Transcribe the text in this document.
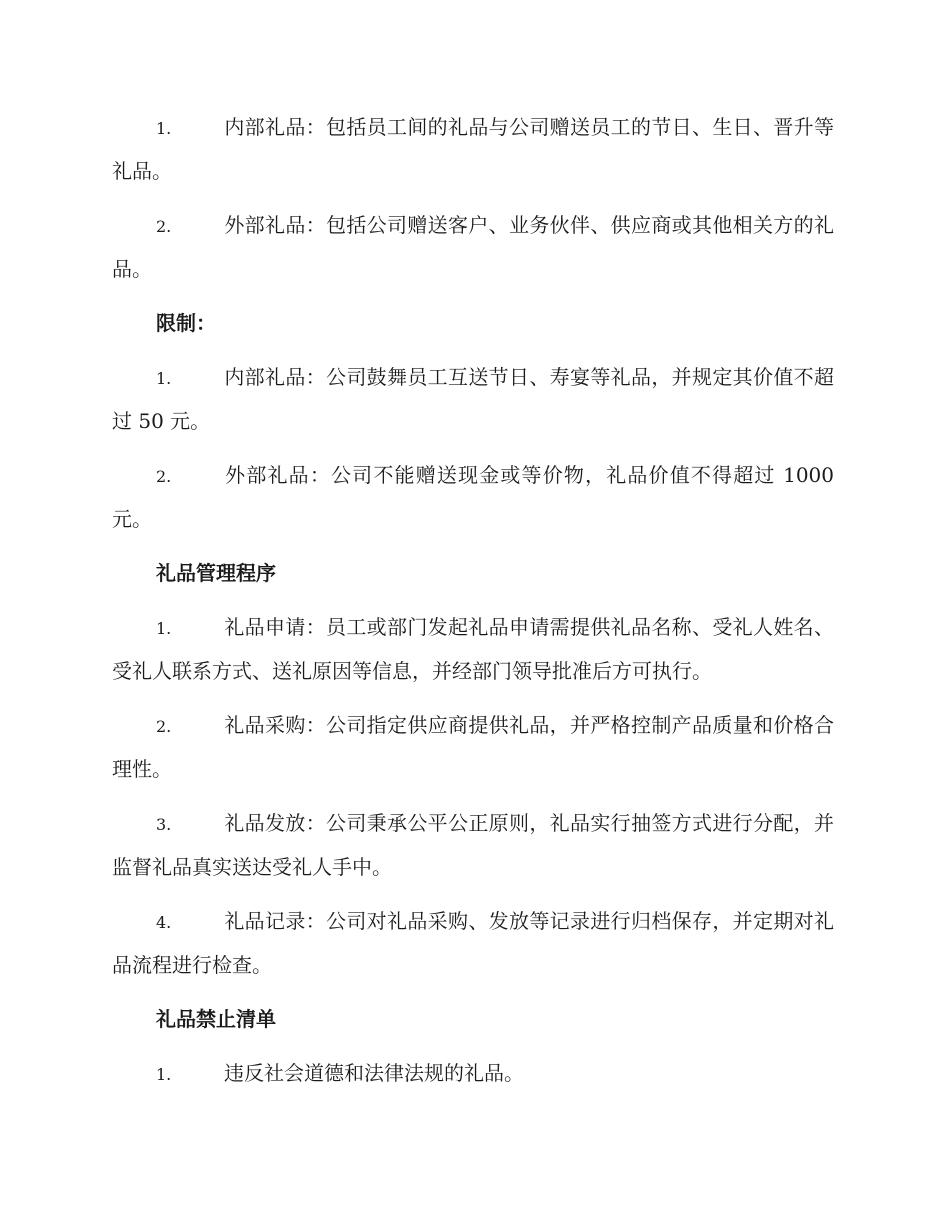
1.	内部礼品：包括员工间的礼品与公司赠送员工的节日、生日、晋升等礼品。

2.	外部礼品：包括公司赠送客户、业务伙伴、供应商或其他相关方的礼品。

限制：

1.	内部礼品：公司鼓舞员工互送节日、寿宴等礼品，并规定其价值不超过 50 元。

2.	外部礼品：公司不能赠送现金或等价物，礼品价值不得超过 1000 元。

礼品管理程序

1.	礼品申请：员工或部门发起礼品申请需提供礼品名称、受礼人姓名、受礼人联系方式、送礼原因等信息，并经部门领导批准后方可执行。

2.	礼品采购：公司指定供应商提供礼品，并严格控制产品质量和价格合理性。

3.	礼品发放：公司秉承公平公正原则，礼品实行抽签方式进行分配，并监督礼品真实送达受礼人手中。

4.	礼品记录：公司对礼品采购、发放等记录进行归档保存，并定期对礼品流程进行检查。

礼品禁止清单

1.	违反社会道德和法律法规的礼品。
